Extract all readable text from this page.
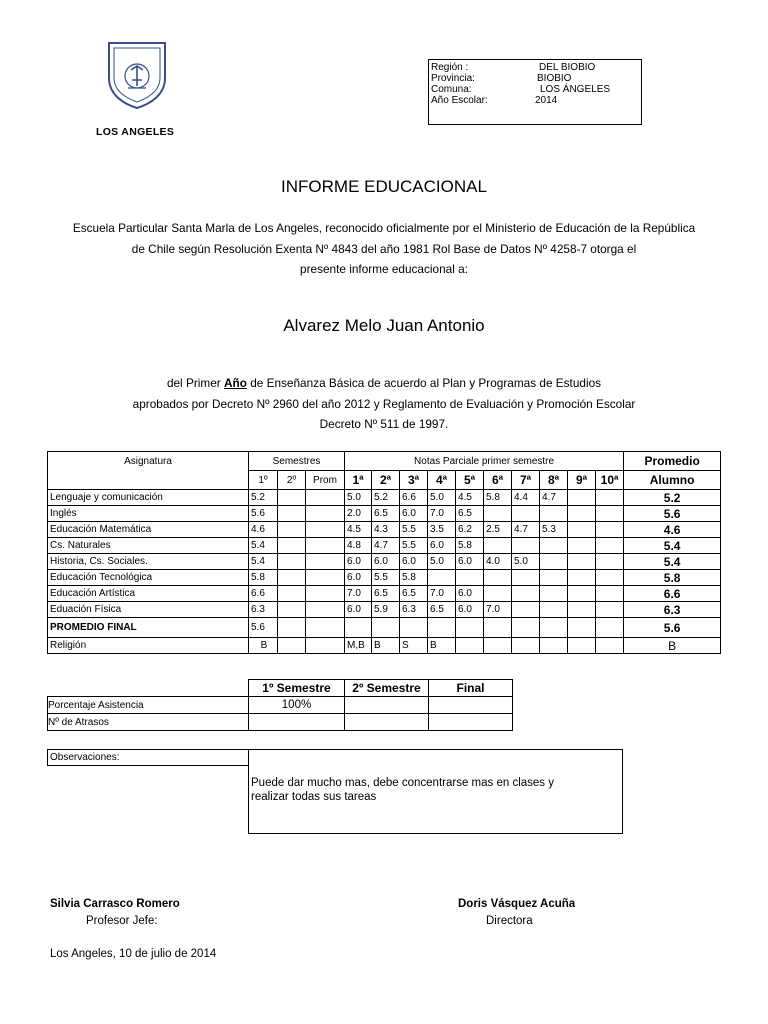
LOS ANGELES
Región :	DEL BIOBIO
Provincia:	BIOBIO
Comuna:	LOS ÁNGELES
Año Escolar:	2014
INFORME EDUCACIONAL
Escuela Particular Santa Marla de Los Angeles, reconocido oficialmente por el Ministerio de Educación de la República
de Chile según Resolución Exenta Nº 4843 del año 1981 Rol Base de Datos Nº 4258-7 otorga el
presente informe educacional a:
Alvarez Melo Juan Antonio
del Primer Año de Enseñanza Básica de acuerdo al Plan y Programas de Estudios
aprobados por Decreto Nº 2960 del año 2012 y Reglamento de Evaluación y Promoción Escolar
Decreto Nº 511 de 1997.
Asignatura	Semestres			Notas Parciale primer semestre										Promedio
	1º	2º	Prom	1ª	2ª	3ª	4ª	5ª	6ª	7ª	8ª	9ª	10ª	Alumno
Lenguaje y comunicación	5.2			5.0	5.2	6.6	5.0	4.5	5.8	4.4	4.7			5.2
Inglés	5.6			2.0	6.5	6.0	7.0	6.5						5.6
Educación Matemática	4.6			4.5	4.3	5.5	3.5	6.2	2.5	4.7	5.3			4.6
Cs. Naturales	5.4			4.8	4.7	5.5	6.0	5.8						5.4
Historia, Cs. Sociales.	5.4			6.0	6.0	6.0	5.0	6.0	4.0	5.0				5.4
Educación Tecnológica	5.8			6.0	5.5	5.8								5.8
Educación Artística	6.6			7.0	6.5	6.5	7.0	6.0						6.6
Eduación Física	6.3			6.0	5.9	6.3	6.5	6.0	7.0					6.3
PROMEDIO FINAL	5.6													5.6
Religión	B			M,B	B	S	B							B
	1º Semestre	2º Semestre	Final
Porcentaje Asistencia	100%		
Nº de Atrasos			
Observaciones:	
Puede dar mucho mas, debe concentrarse mas en clases y
realizar todas sus tareas

Silvia Carrasco Romero
Profesor Jefe:
Doris Vásquez Acuña
Directora
Los Angeles, 10 de julio de 2014
